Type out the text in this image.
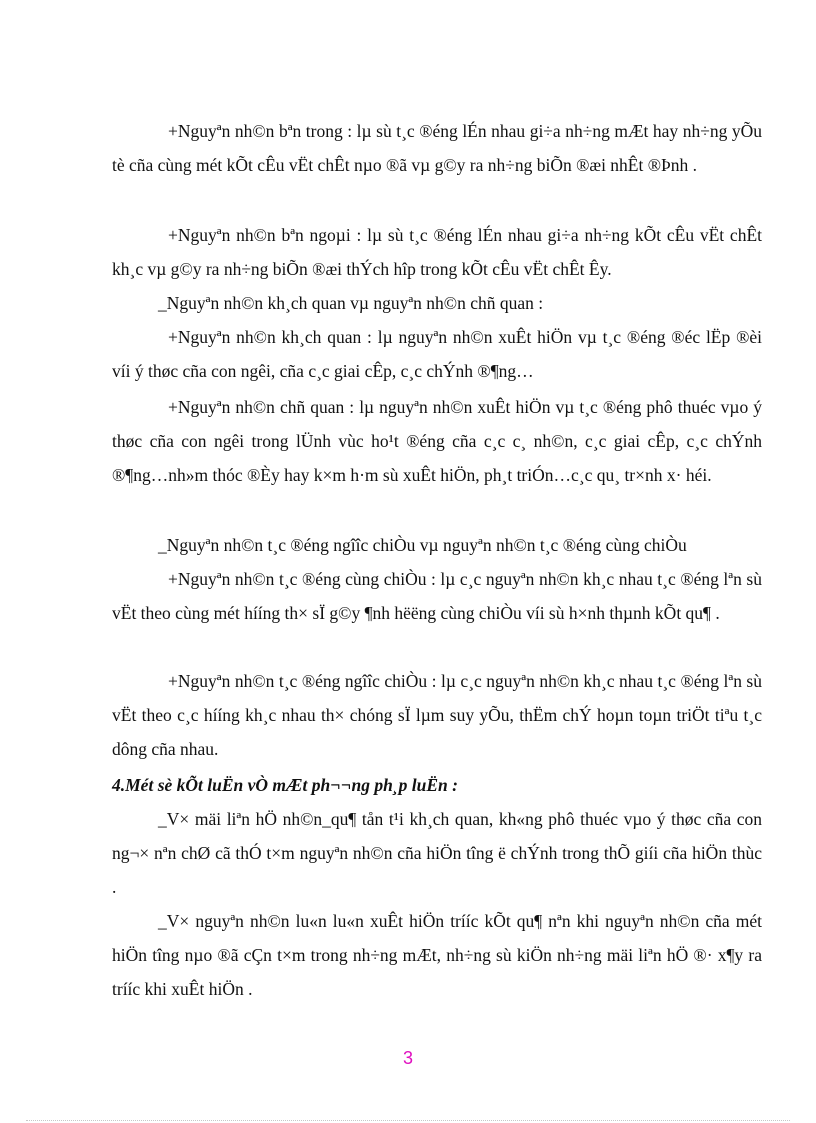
+Nguyªn nh©n bªn trong : lµ sù t¸c ®éng lÉn nhau gi÷a nh÷ng mÆt hay nh÷ng yÕu tè cña cùng mét kÕt cÊu vËt chÊt nµo ®ã vµ g©y ra nh÷ng biÕn ®æi nhÊt ®Þnh .

+Nguyªn nh©n bªn ngoµi : lµ sù t¸c ®éng lÉn nhau gi÷a nh÷ng kÕt cÊu vËt chÊt kh¸c vµ g©y ra nh÷ng biÕn ®æi thÝch hîp trong kÕt cÊu vËt chÊt Êy.

_Nguyªn nh©n kh¸ch quan vµ nguyªn nh©n chñ quan :

+Nguyªn nh©n kh¸ch quan : lµ nguyªn nh©n xuÊt hiÖn vµ t¸c ®éng ®éc lËp ®èi víi ý thøc cña con ngêi, cña c¸c giai cÊp, c¸c chÝnh ®¶ng…

+Nguyªn nh©n chñ quan : lµ nguyªn nh©n xuÊt hiÖn vµ t¸c ®éng phô thuéc vµo ý thøc cña con ngêi trong lÜnh vùc ho¹t ®éng cña c¸c c¸ nh©n, c¸c giai cÊp, c¸c chÝnh ®¶ng…nh»m thóc ®Èy hay k×m h·m sù xuÊt hiÖn, ph¸t triÓn…c¸c qu¸ tr×nh x· héi.

_Nguyªn nh©n t¸c ®éng ngîîc chiÒu vµ nguyªn nh©n t¸c ®éng cùng chiÒu

+Nguyªn nh©n t¸c ®éng cùng chiÒu : lµ c¸c nguyªn nh©n kh¸c nhau t¸c ®éng lªn sù vËt theo cùng mét hííng th× sÏ g©y ¶nh hëëng cùng chiÒu víi sù h×nh thµnh kÕt qu¶ .

+Nguyªn nh©n t¸c ®éng ngîîc chiÒu : lµ c¸c nguyªn nh©n kh¸c nhau t¸c ®éng lªn sù vËt theo c¸c hííng kh¸c nhau th× chóng sÏ lµm suy yÕu, thËm chÝ hoµn toµn triÖt tiªu t¸c dông cña nhau.

4.Mét sè kÕt luËn vÒ mÆt ph¬¬ng ph¸p luËn :

_V× mäi liªn hÖ nh©n_qu¶ tån t¹i kh¸ch quan, kh«ng phô thuéc vµo ý thøc cña con ng¬× nªn chØ cã thÓ t×m nguyªn nh©n cña hiÖn tîng ë chÝnh trong thÕ giíi cña hiÖn thùc .

_V× nguyªn nh©n lu«n lu«n xuÊt hiÖn trííc kÕt qu¶ nªn khi nguyªn nh©n cña mét hiÖn tîng nµo ®ã cÇn t×m trong nh÷ng mÆt, nh÷ng sù kiÖn nh÷ng mäi liªn hÖ ®· x¶y ra trííc khi xuÊt hiÖn .

3
